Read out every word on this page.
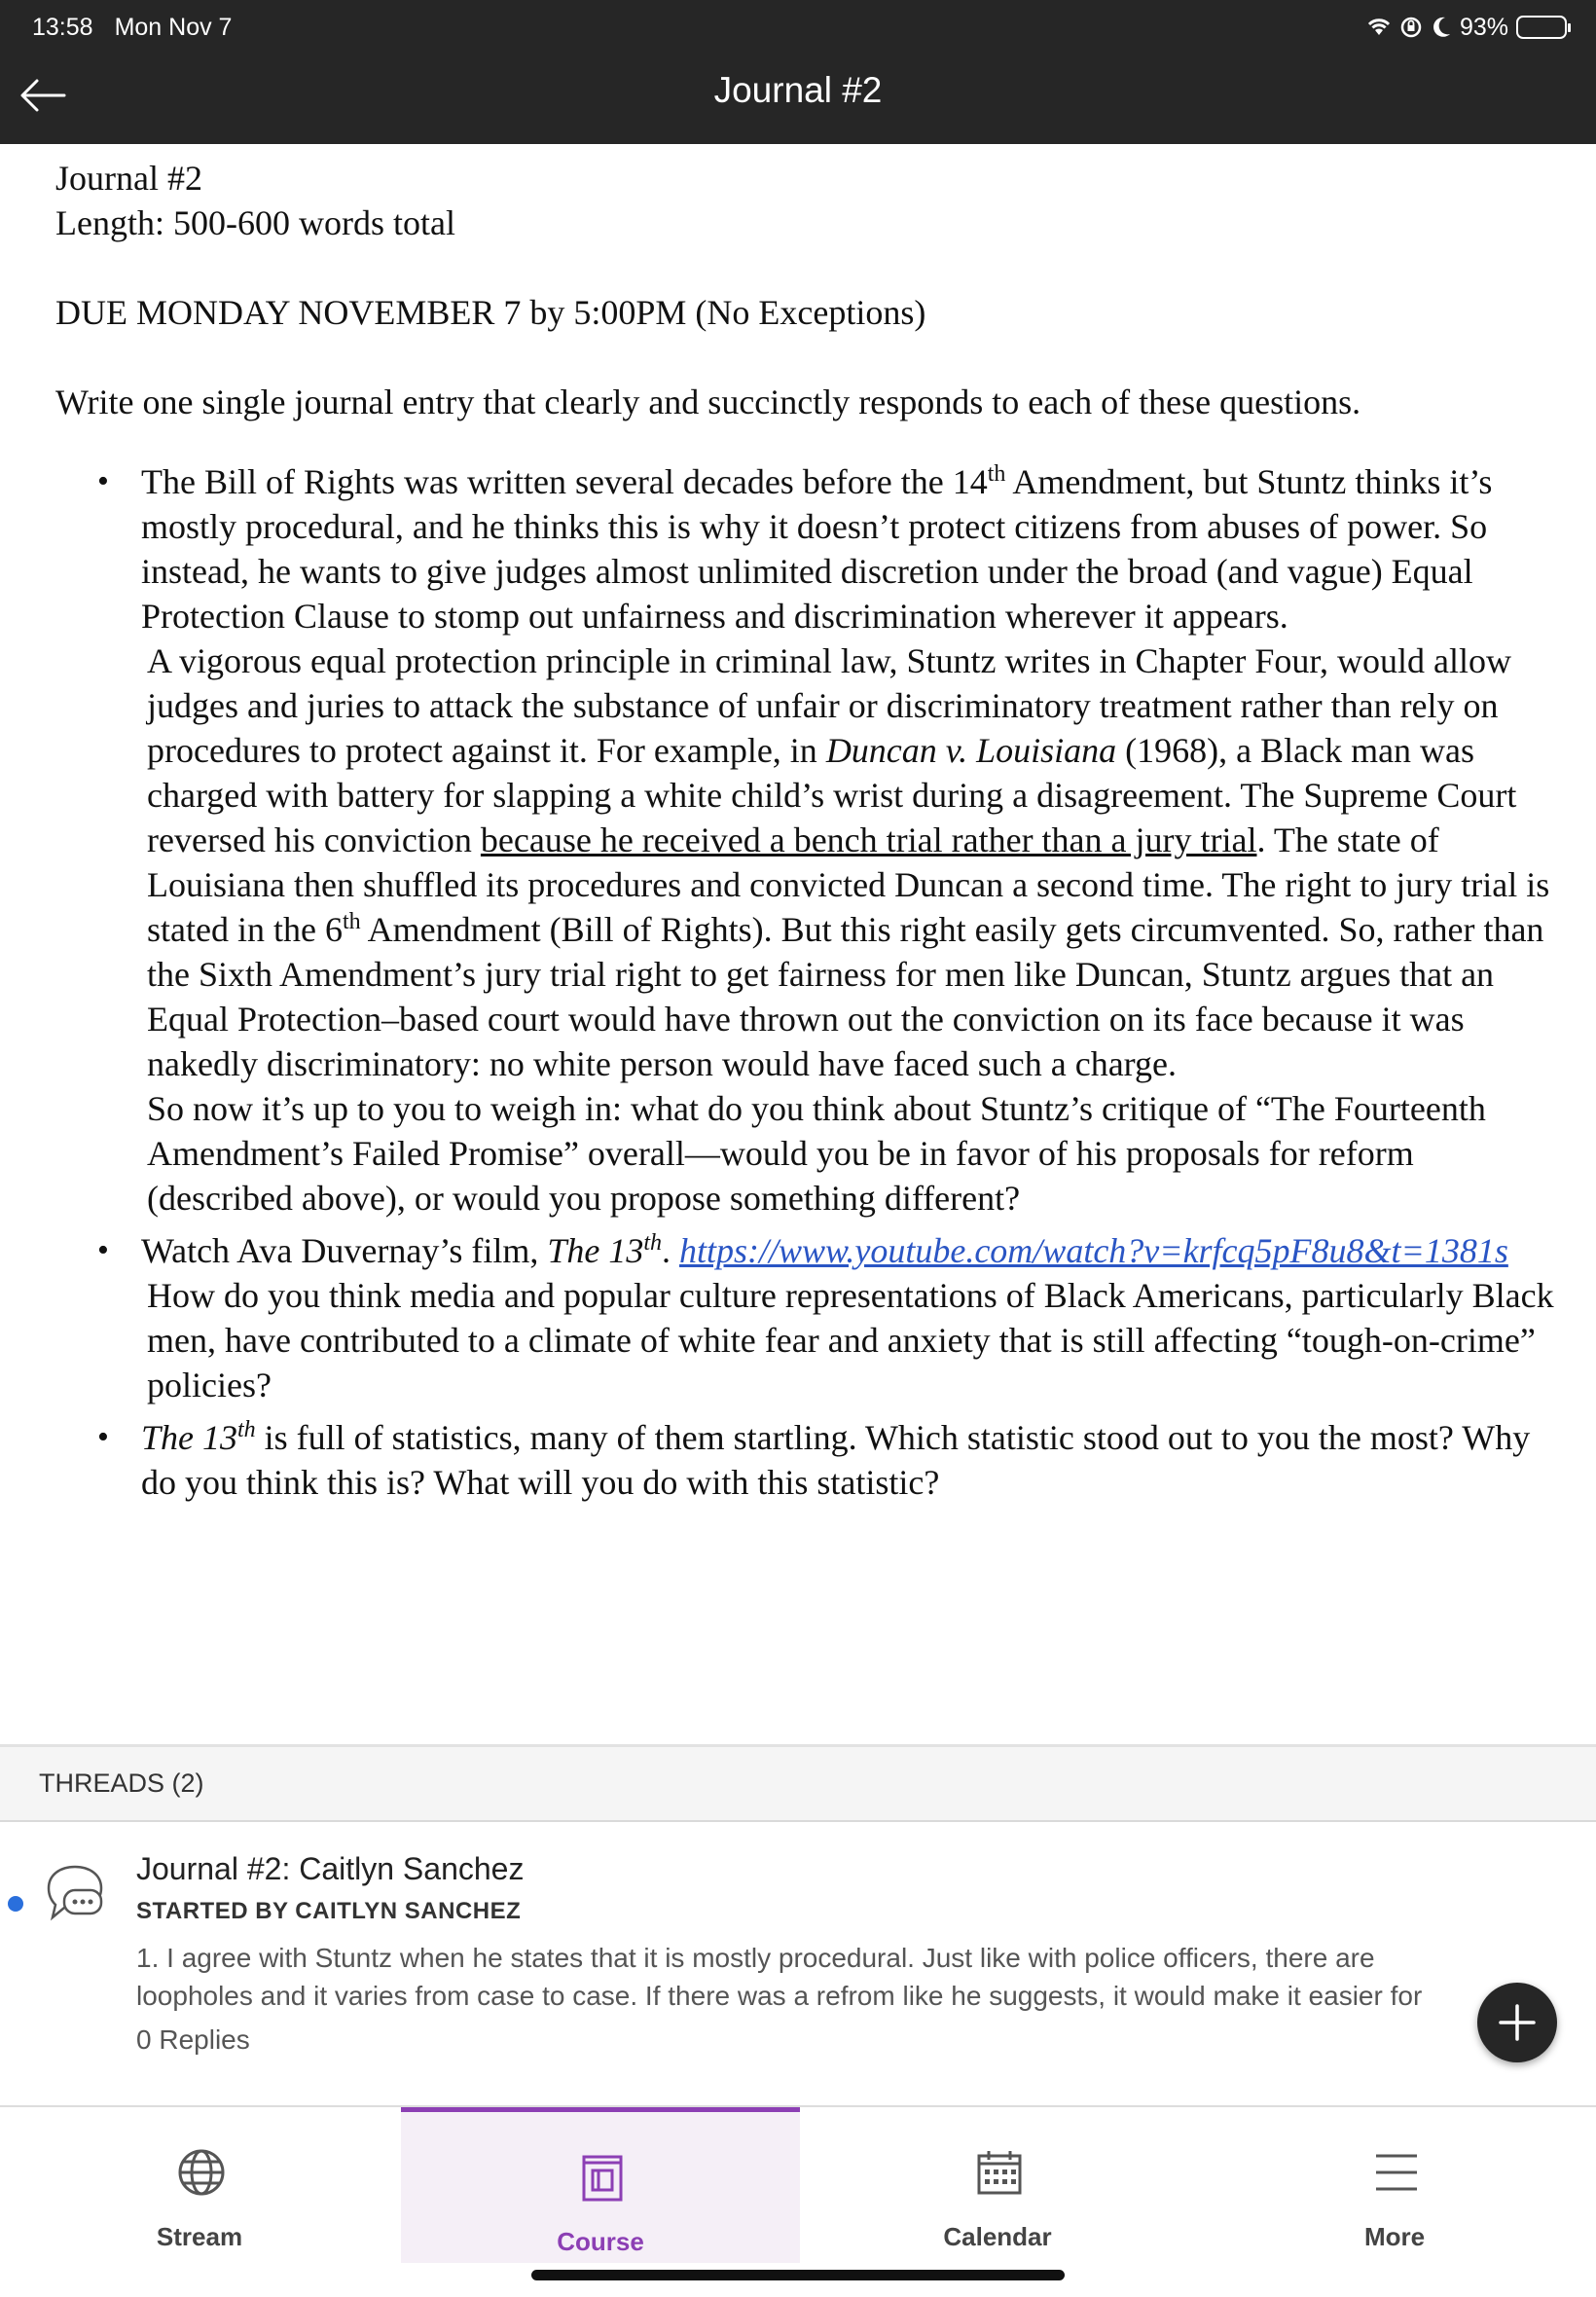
13:58 Mon Nov 7	93%
Journal #2

Journal #2

Length: 500-600 words total

DUE MONDAY NOVEMBER 7 by 5:00PM (No Exceptions)

Write one single journal entry that clearly and succinctly responds to each of these questions.

• The Bill of Rights was written several decades before the 14th Amendment, but Stuntz thinks it’s mostly procedural, and he thinks this is why it doesn’t protect citizens from abuses of power. So instead, he wants to give judges almost unlimited discretion under the broad (and vague) Equal Protection Clause to stomp out unfairness and discrimination wherever it appears.

A vigorous equal protection principle in criminal law, Stuntz writes in Chapter Four, would allow judges and juries to attack the substance of unfair or discriminatory treatment rather than rely on procedures to protect against it. For example, in Duncan v. Louisiana (1968), a Black man was charged with battery for slapping a white child’s wrist during a disagreement. The Supreme Court reversed his conviction because he received a bench trial rather than a jury trial. The state of Louisiana then shuffled its procedures and convicted Duncan a second time. The right to jury trial is stated in the 6th Amendment (Bill of Rights). But this right easily gets circumvented. So, rather than the Sixth Amendment’s jury trial right to get fairness for men like Duncan, Stuntz argues that an Equal Protection–based court would have thrown out the conviction on its face because it was nakedly discriminatory: no white person would have faced such a charge.

So now it’s up to you to weigh in: what do you think about Stuntz’s critique of “The Fourteenth Amendment’s Failed Promise” overall—would you be in favor of his proposals for reform (described above), or would you propose something different?

• Watch Ava Duvernay’s film, The 13th. https://www.youtube.com/watch?v=krfcq5pF8u8&t=1381s

How do you think media and popular culture representations of Black Americans, particularly Black men, have contributed to a climate of white fear and anxiety that is still affecting “tough-on-crime” policies?

• The 13th is full of statistics, many of them startling. Which statistic stood out to you the most? Why do you think this is? What will you do with this statistic?

THREADS (2)
Journal #2: Caitlyn Sanchez
STARTED BY CAITLYN SANCHEZ
1. I agree with Stuntz when he states that it is mostly procedural. Just like with police officers, there are loopholes and it varies from case to case. If there was a refrom like he suggests, it would make it easier for
0 Replies
Stream	Course	Calendar	More
